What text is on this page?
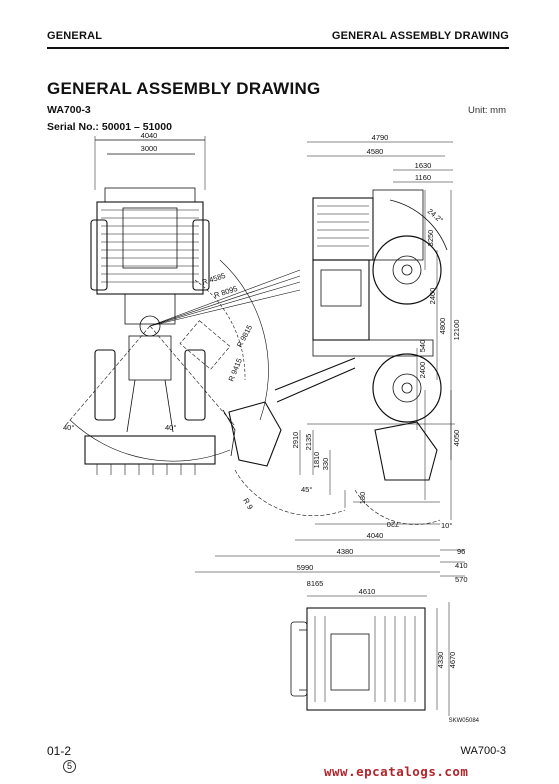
GENERAL	GENERAL ASSEMBLY DRAWING
GENERAL ASSEMBLY DRAWING
WA700-3
Serial No.: 50001 – 51000
Unit: mm
4040
3000
R 4585
R 8095
R 9815
R 9415
40°	40°
4790
4580
1630
1160
24.2°
3250
4800 12100
2400
540
2400
4050
2910 2135
1810 330
180
720
4040
4380
5990
8165
96
410
570
45°
10°
R 9
4610
4330 4670
SKW05084
01-2
5
WA700-3
www.epcatalogs.com
